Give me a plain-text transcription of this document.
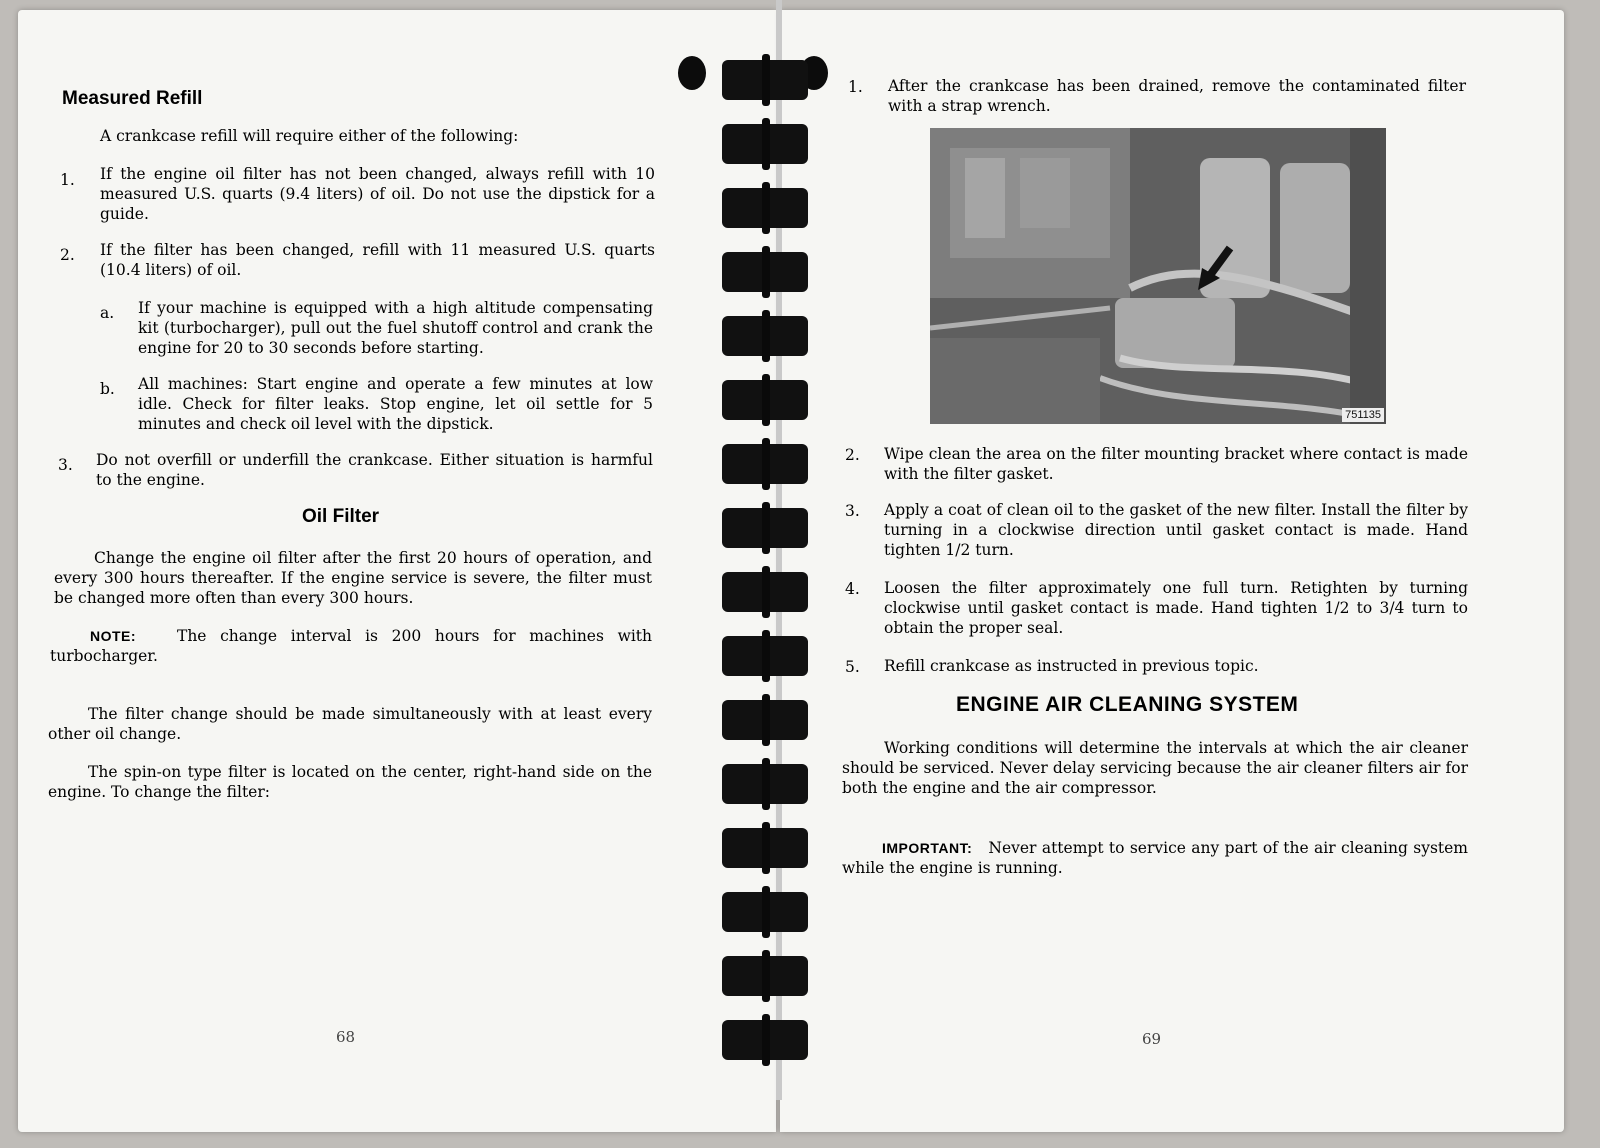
Measured Refill
A crankcase refill will require either of the following:
1. If the engine oil filter has not been changed, always refill with 10 measured U.S. quarts (9.4 liters) of oil. Do not use the dipstick for a guide.
2. If the filter has been changed, refill with 11 measured U.S. quarts (10.4 liters) of oil.
a. If your machine is equipped with a high altitude compensating kit (turbocharger), pull out the fuel shutoff control and crank the engine for 20 to 30 seconds before starting.
b. All machines: Start engine and operate a few minutes at low idle. Check for filter leaks. Stop engine, let oil settle for 5 minutes and check oil level with the dipstick.
3. Do not overfill or underfill the crankcase. Either situation is harmful to the engine.
Oil Filter
Change the engine oil filter after the first 20 hours of operation, and every 300 hours thereafter. If the engine service is severe, the filter must be changed more often than every 300 hours.
NOTE:	The change interval is 200 hours for machines with turbocharger.
The filter change should be made simultaneously with at least every other oil change.
The spin-on type filter is located on the center, right-hand side on the engine. To change the filter:
68
1. After the crankcase has been drained, remove the contaminated filter with a strap wrench.
751135
2. Wipe clean the area on the filter mounting bracket where contact is made with the filter gasket.
3. Apply a coat of clean oil to the gasket of the new filter. Install the filter by turning in a clockwise direction until gasket contact is made. Hand tighten 1/2 turn.
4. Loosen the filter approximately one full turn. Retighten by turning clockwise until gasket contact is made. Hand tighten 1/2 to 3/4 turn to obtain the proper seal.
5. Refill crankcase as instructed in previous topic.
ENGINE AIR CLEANING SYSTEM
Working conditions will determine the intervals at which the air cleaner should be serviced. Never delay servicing because the air cleaner filters air for both the engine and the air compressor.
IMPORTANT: Never attempt to service any part of the air cleaning system while the engine is running.
69
